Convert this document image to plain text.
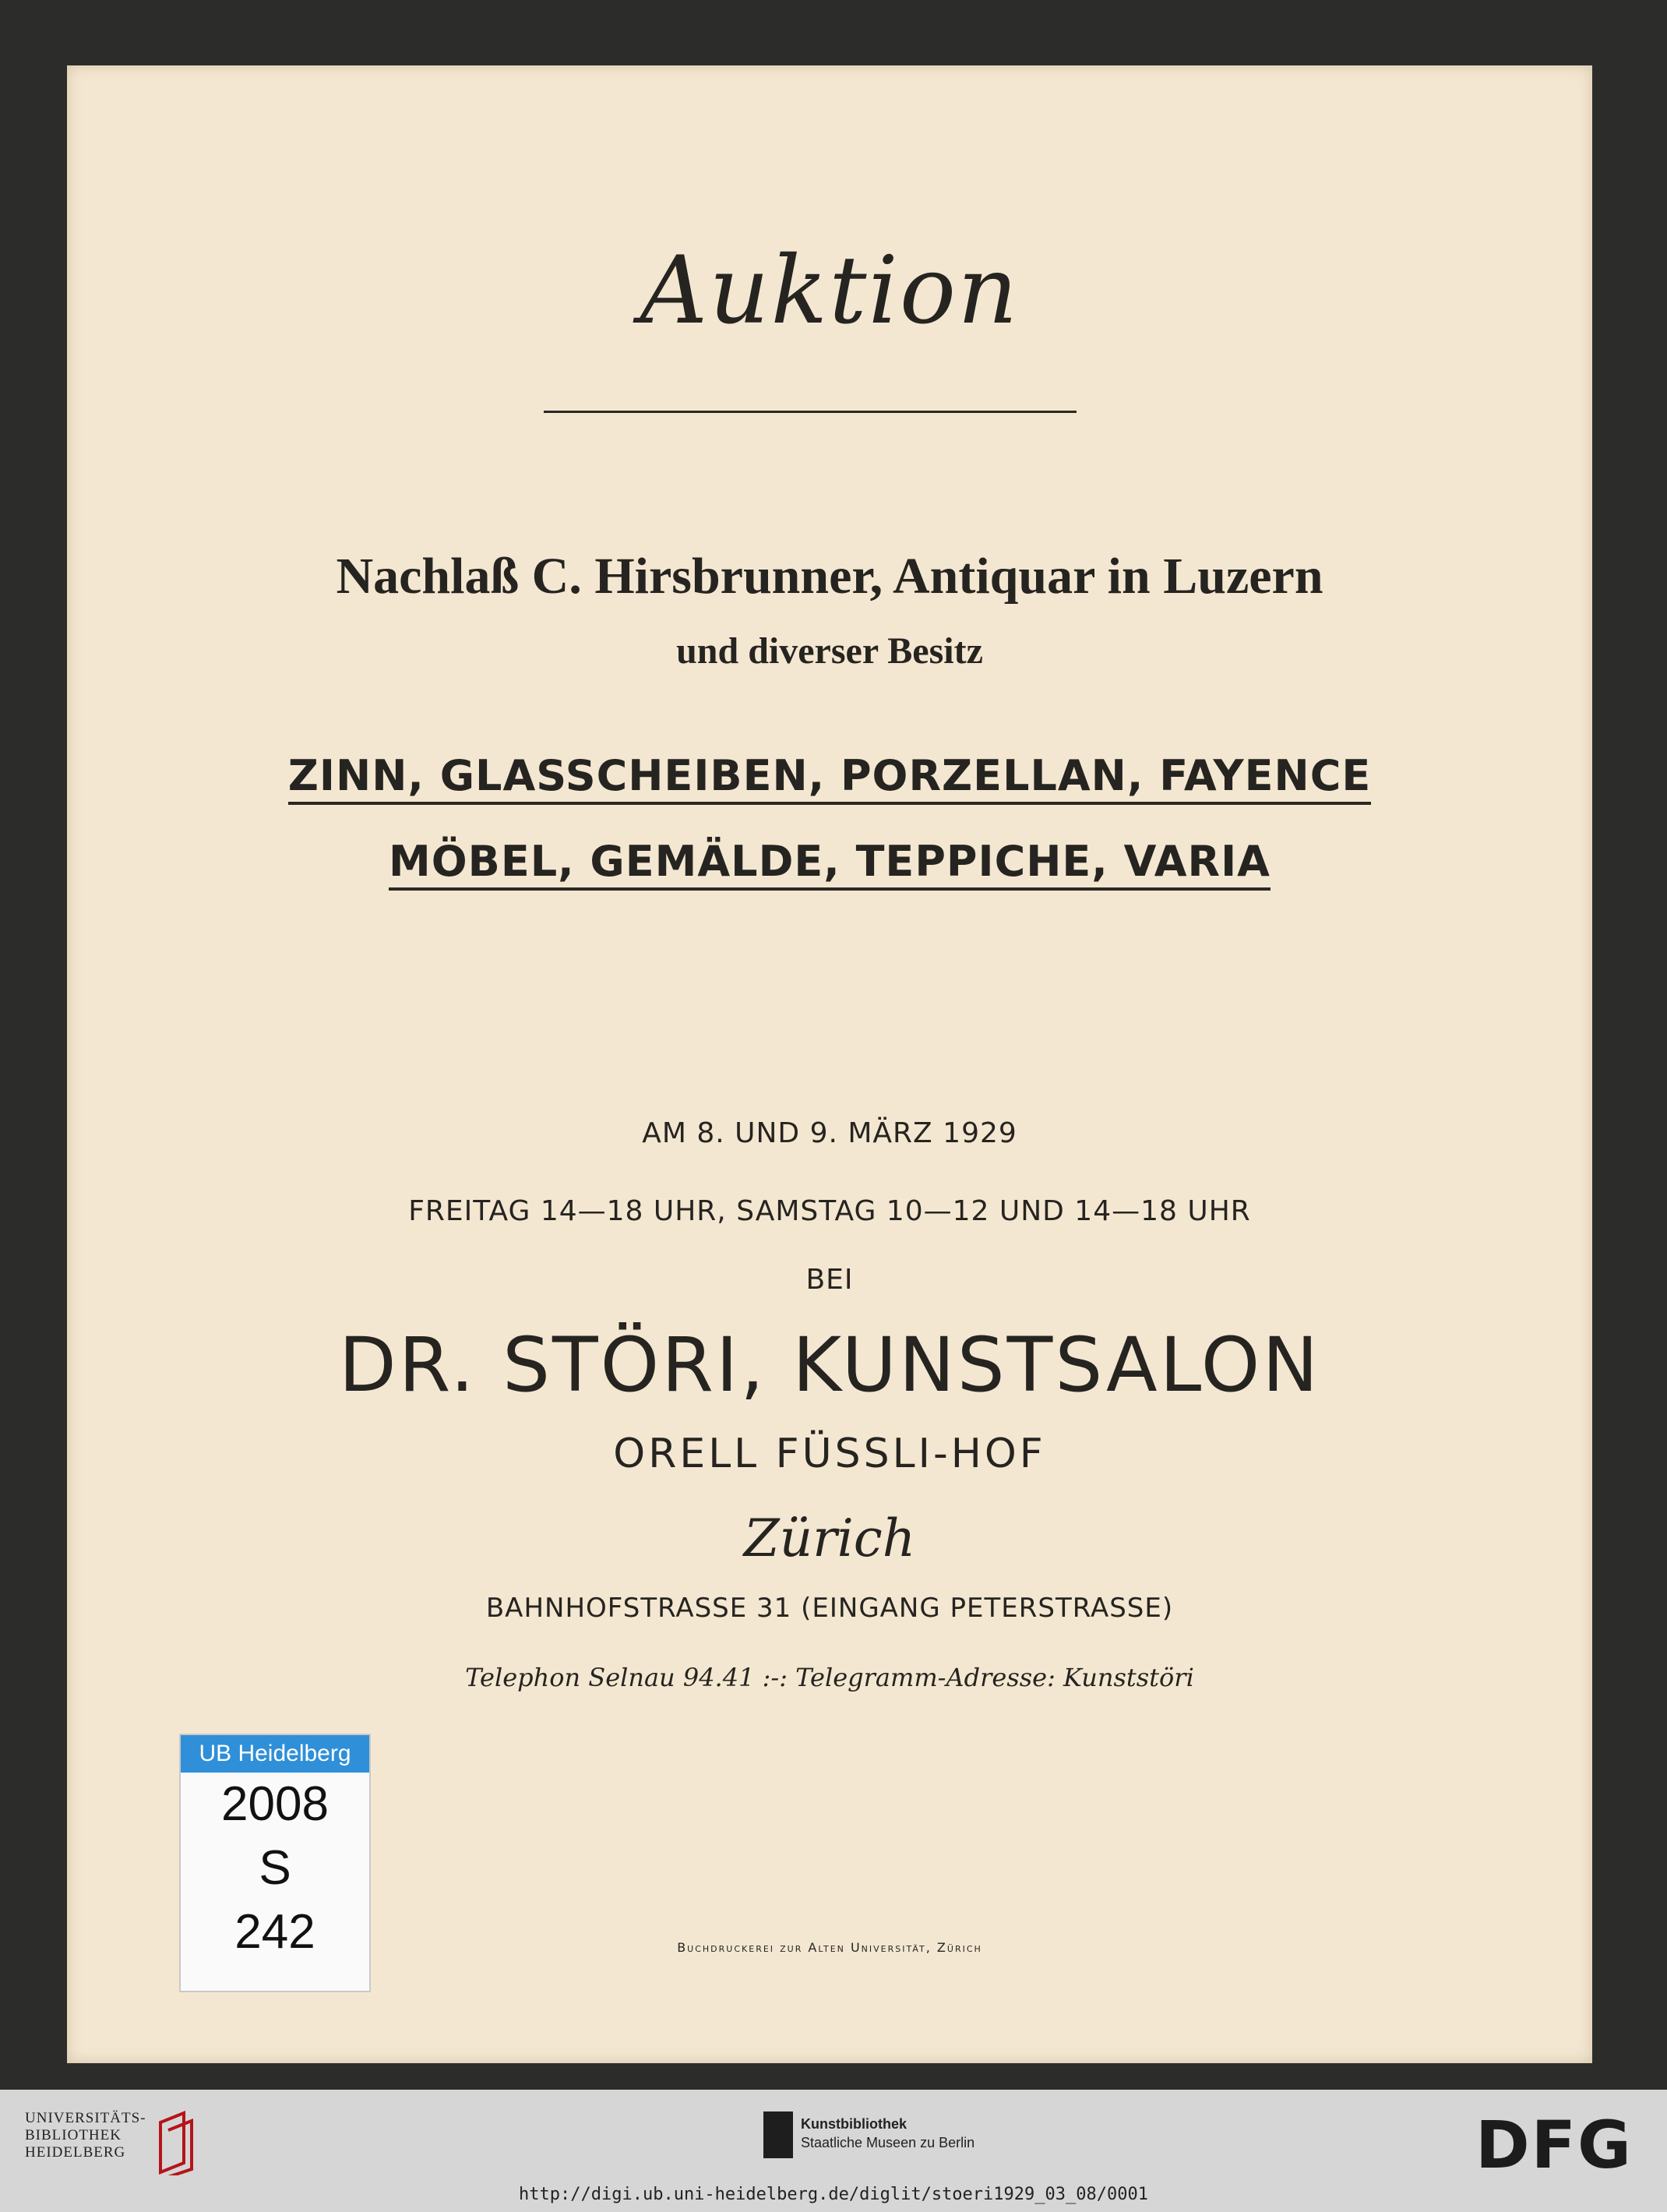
Auktion
Nachlaß C. Hirsbrunner, Antiquar in Luzern
und diverser Besitz
ZINN, GLASSCHEIBEN, PORZELLAN, FAYENCE
MÖBEL, GEMÄLDE, TEPPICHE, VARIA
AM 8. UND 9. MÄRZ 1929
FREITAG 14—18 UHR, SAMSTAG 10—12 UND 14—18 UHR
BEI
DR. STÖRI, KUNSTSALON
ORELL FÜSSLI-HOF
Zürich
BAHNHOFSTRASSE 31 (EINGANG PETERSTRASSE)
Telephon Selnau 94.41 :-: Telegramm-Adresse: Kunststöri
Buchdruckerei zur Alten Universität, Zürich
UB Heidelberg
2008
S
242
UNIVERSITÄTS-
BIBLIOTHEK
HEIDELBERG
Kunstbibliothek
Staatliche Museen zu Berlin	DFG
http://digi.ub.uni-heidelberg.de/diglit/stoeri1929_03_08/0001
